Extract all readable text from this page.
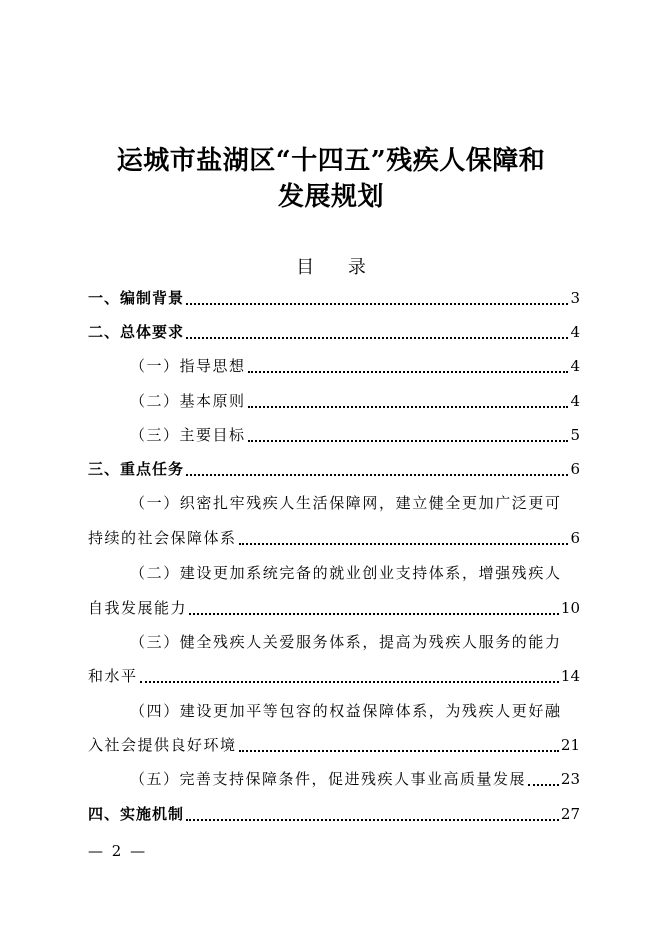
运城市盐湖区“十四五”残疾人保障和
发展规划
目 录
一、编制背景	3
二、总体要求	4
（一）指导思想	4
（二）基本原则	4
（三）主要目标	5
三、重点任务	6
（一）织密扎牢残疾人生活保障网，建立健全更加广泛更可
持续的社会保障体系	6
（二）建设更加系统完备的就业创业支持体系，增强残疾人
自我发展能力	10
（三）健全残疾人关爱服务体系，提高为残疾人服务的能力
和水平	14
（四）建设更加平等包容的权益保障体系，为残疾人更好融
入社会提供良好环境	21
（五）完善支持保障条件，促进残疾人事业高质量发展 23
四、实施机制	27
— 2 —
